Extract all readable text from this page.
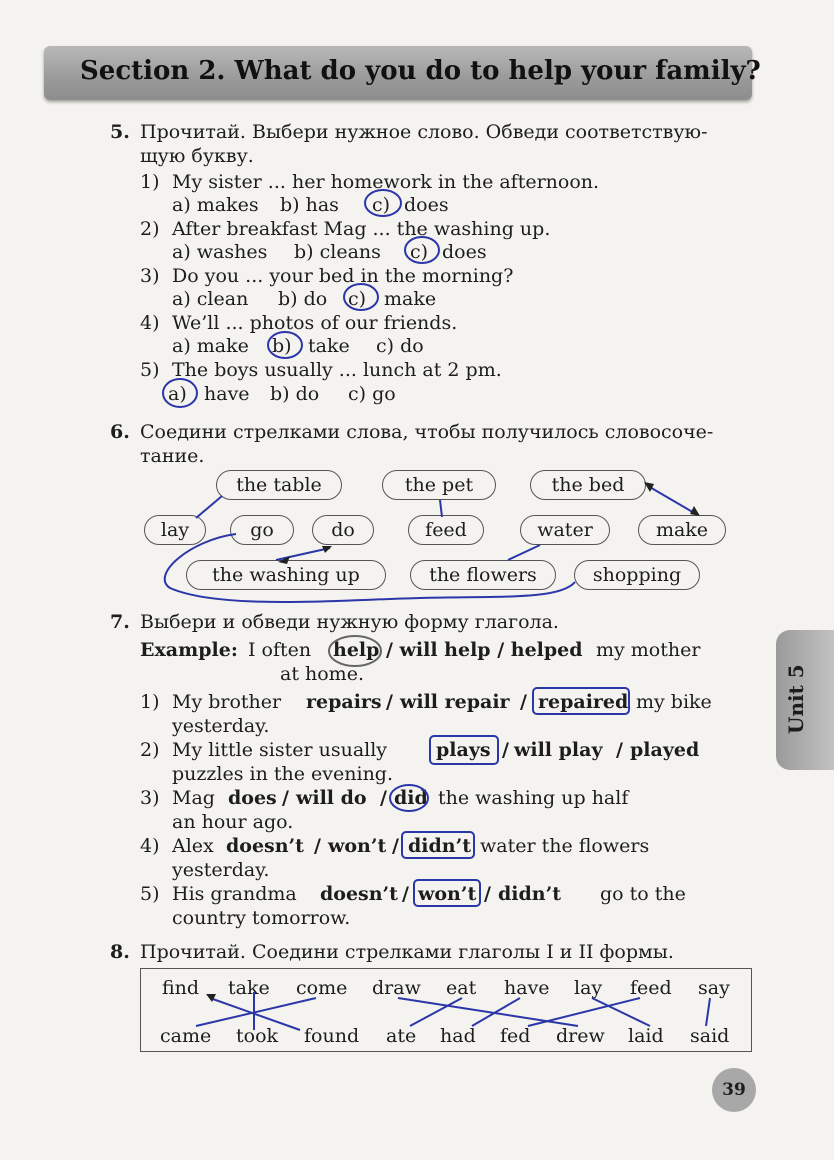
Section 2. What do you do to help your family?
5. Прочитай. Выбери нужное слово. Обведи соответствую-
щую букву.
1) My sister ... her homework in the afternoon.
a) makes b) has c) does
2) After breakfast Mag ... the washing up.
a) washes b) cleans c) does
3) Do you ... your bed in the morning?
a) clean b) do c) make
4) We’ll ... photos of our friends.
a) make b) take c) do
5) The boys usually ... lunch at 2 pm.
a) have b) do c) go
6. Соедини стрелками слова, чтобы получилось словосоче-
тание.
the table	the pet	the bed
lay	go	do	feed	water	make
the washing up	the flowers	shopping
7. Выбери и обведи нужную форму глагола.
Example: I often help / will help / helped my mother
at home.
1) My brother repairs / will repair / repaired my bike
yesterday.
2) My little sister usually	plays / will play / played
puzzles in the evening.
3) Mag does / will do / did the washing up half
an hour ago.
4) Alex doesn’t / won’t / didn’t water the flowers
yesterday.
5) His grandma doesn’t / won’t / didn’t go to the
country tomorrow.
8. Прочитай. Соедини стрелками глаголы I и II формы.
find take come draw eat have lay feed say
came took found ate had fed drew laid said
Unit 5
39
